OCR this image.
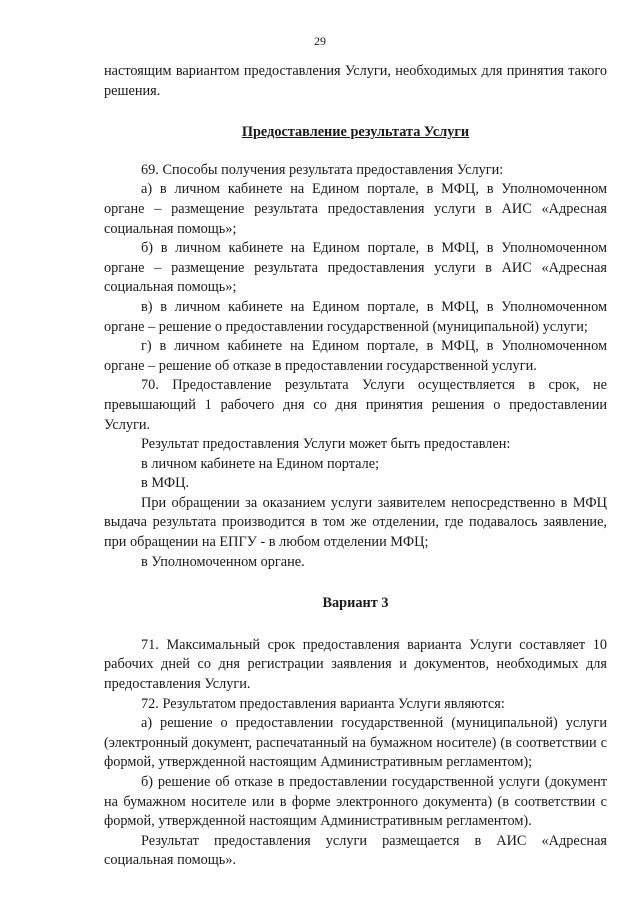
29

настоящим вариантом предоставления Услуги, необходимых для принятия такого решения.

Предоставление результата Услуги

69. Способы получения результата предоставления Услуги:

а) в личном кабинете на Едином портале, в МФЦ, в Уполномоченном органе – размещение результата предоставления услуги в АИС «Адресная социальная помощь»;

б) в личном кабинете на Едином портале, в МФЦ, в Уполномоченном органе – размещение результата предоставления услуги в АИС «Адресная социальная помощь»;

в) в личном кабинете на Едином портале, в МФЦ, в Уполномоченном органе – решение о предоставлении государственной (муниципальной) услуги;

г) в личном кабинете на Едином портале, в МФЦ, в Уполномоченном органе – решение об отказе в предоставлении государственной услуги.

70. Предоставление результата Услуги осуществляется в срок, не превышающий 1 рабочего дня со дня принятия решения о предоставлении Услуги.

Результат предоставления Услуги может быть предоставлен:

в личном кабинете на Едином портале;

в МФЦ.

При обращении за оказанием услуги заявителем непосредственно в МФЦ выдача результата производится в том же отделении, где подавалось заявление, при обращении на ЕПГУ - в любом отделении МФЦ;

в Уполномоченном органе.

Вариант 3

71. Максимальный срок предоставления варианта Услуги составляет 10 рабочих дней со дня регистрации заявления и документов, необходимых для предоставления Услуги.

72. Результатом предоставления варианта Услуги являются:

а) решение о предоставлении государственной (муниципальной) услуги (электронный документ, распечатанный на бумажном носителе) (в соответствии с формой, утвержденной настоящим Административным регламентом);

б) решение об отказе в предоставлении государственной услуги (документ на бумажном носителе или в форме электронного документа) (в соответствии с формой, утвержденной настоящим Административным регламентом).

Результат предоставления услуги размещается в АИС «Адресная социальная помощь».
